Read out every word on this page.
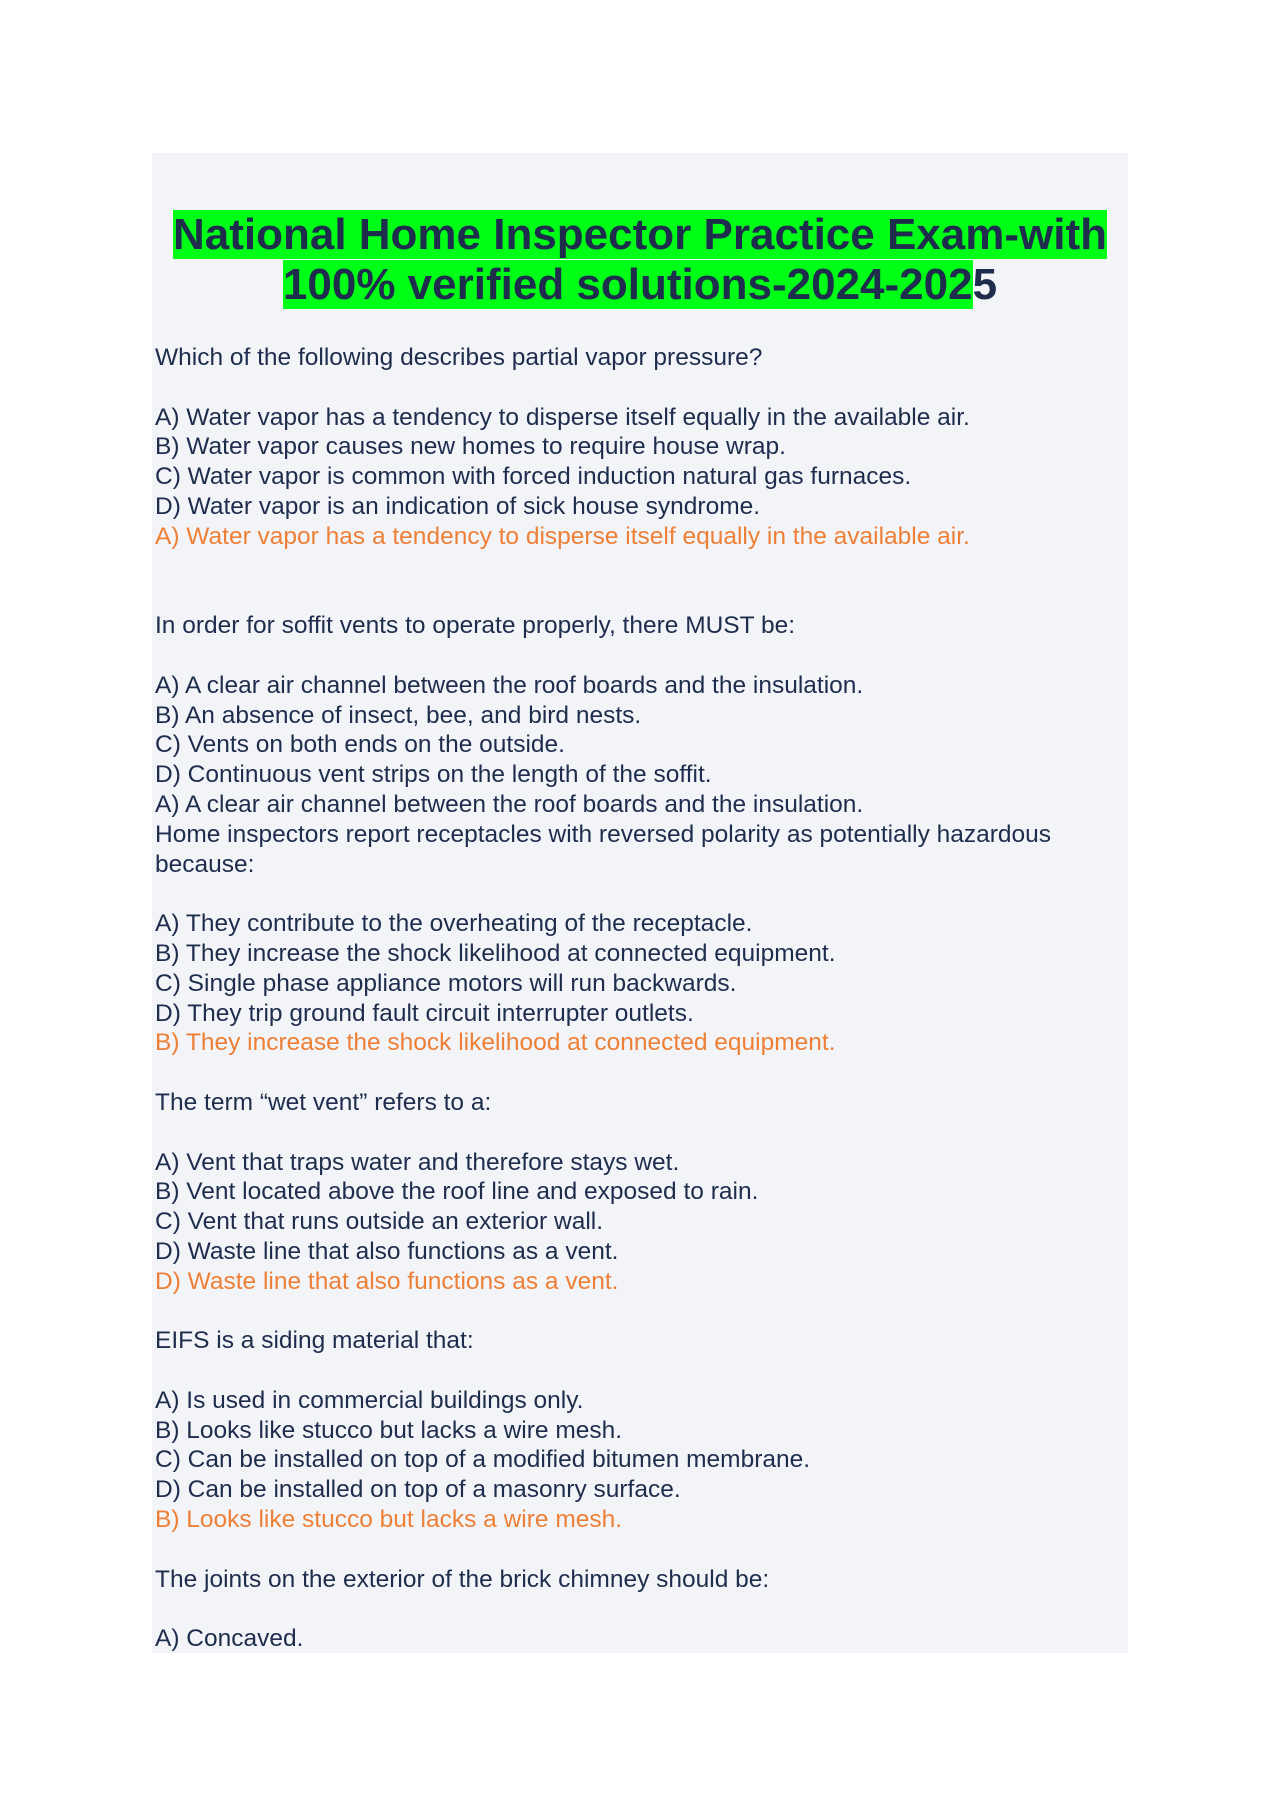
National Home Inspector Practice Exam-with
100% verified solutions-2024-2025

Which of the following describes partial vapor pressure?

A) Water vapor has a tendency to disperse itself equally in the available air.

B) Water vapor causes new homes to require house wrap.

C) Water vapor is common with forced induction natural gas furnaces.

D) Water vapor is an indication of sick house syndrome.

A) Water vapor has a tendency to disperse itself equally in the available air.

In order for soffit vents to operate properly, there MUST be:

A) A clear air channel between the roof boards and the insulation.

B) An absence of insect, bee, and bird nests.

C) Vents on both ends on the outside.

D) Continuous vent strips on the length of the soffit.

A) A clear air channel between the roof boards and the insulation.

Home inspectors report receptacles with reversed polarity as potentially hazardous because:

A) They contribute to the overheating of the receptacle.

B) They increase the shock likelihood at connected equipment.

C) Single phase appliance motors will run backwards.

D) They trip ground fault circuit interrupter outlets.

B) They increase the shock likelihood at connected equipment.

The term “wet vent” refers to a:

A) Vent that traps water and therefore stays wet.

B) Vent located above the roof line and exposed to rain.

C) Vent that runs outside an exterior wall.

D) Waste line that also functions as a vent.

D) Waste line that also functions as a vent.

EIFS is a siding material that:

A) Is used in commercial buildings only.

B) Looks like stucco but lacks a wire mesh.

C) Can be installed on top of a modified bitumen membrane.

D) Can be installed on top of a masonry surface.

B) Looks like stucco but lacks a wire mesh.

The joints on the exterior of the brick chimney should be:

A) Concaved.
